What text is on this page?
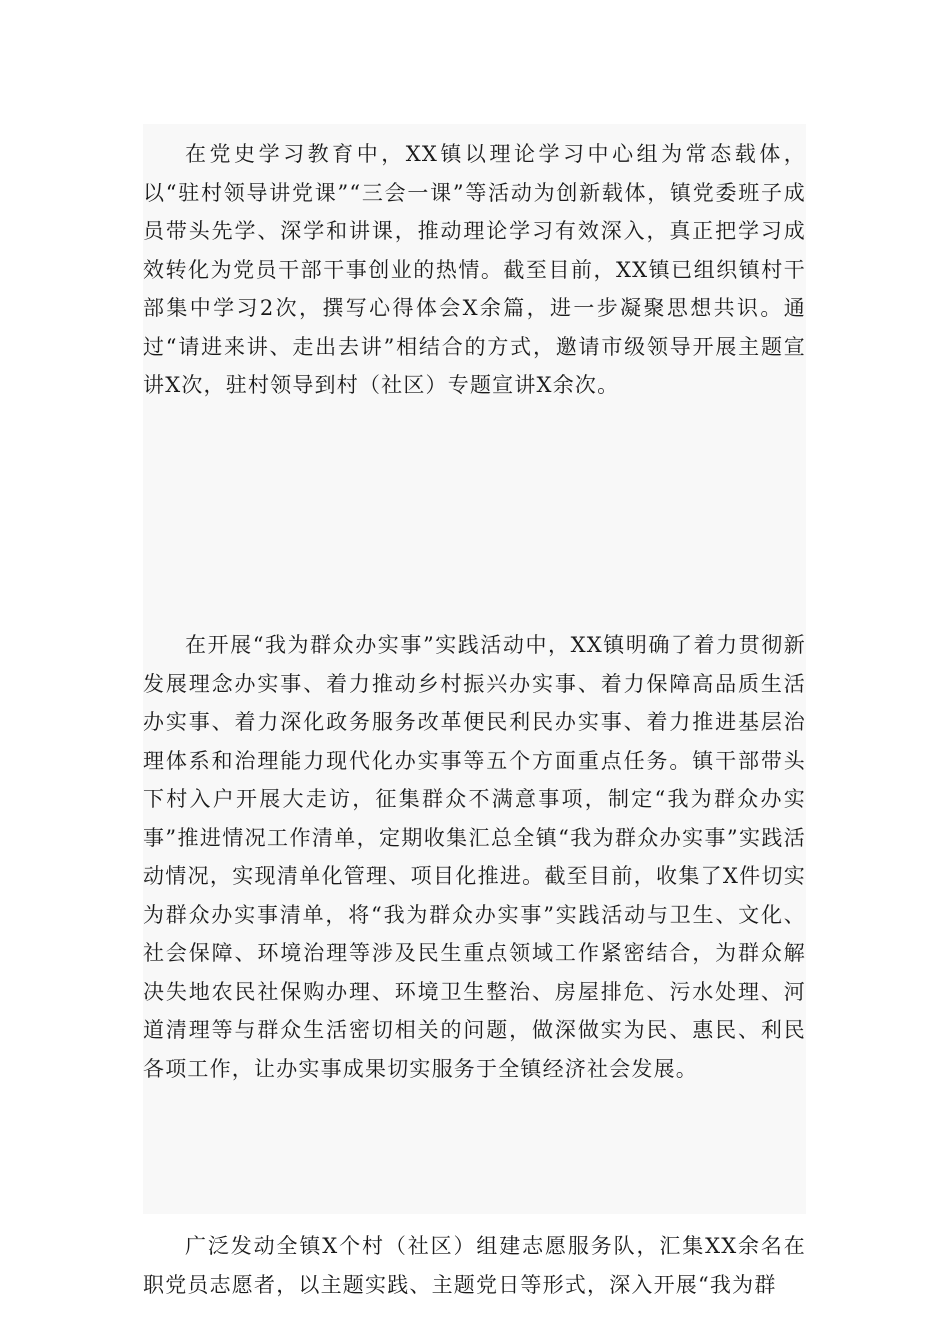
在党史学习教育中，XX镇以理论学习中心组为常态载体，以“驻村领导讲党课”“三会一课”等活动为创新载体，镇党委班子成员带头先学、深学和讲课，推动理论学习有效深入，真正把学习成效转化为党员干部干事创业的热情。截至目前，XX镇已组织镇村干部集中学习2次，撰写心得体会X余篇，进一步凝聚思想共识。通过“请进来讲、走出去讲”相结合的方式，邀请市级领导开展主题宣讲X次，驻村领导到村（社区）专题宣讲X余次。

在开展“我为群众办实事”实践活动中，XX镇明确了着力贯彻新发展理念办实事、着力推动乡村振兴办实事、着力保障高品质生活办实事、着力深化政务服务改革便民利民办实事、着力推进基层治理体系和治理能力现代化办实事等五个方面重点任务。镇干部带头下村入户开展大走访，征集群众不满意事项，制定“我为群众办实事”推进情况工作清单，定期收集汇总全镇“我为群众办实事”实践活动情况，实现清单化管理、项目化推进。截至目前，收集了X件切实为群众办实事清单，将“我为群众办实事”实践活动与卫生、文化、社会保障、环境治理等涉及民生重点领域工作紧密结合，为群众解决失地农民社保购办理、环境卫生整治、房屋排危、污水处理、河道清理等与群众生活密切相关的问题，做深做实为民、惠民、利民各项工作，让办实事成果切实服务于全镇经济社会发展。

广泛发动全镇X个村（社区）组建志愿服务队，汇集XX余名在职党员志愿者，以主题实践、主题党日等形式，深入开展“我为群
